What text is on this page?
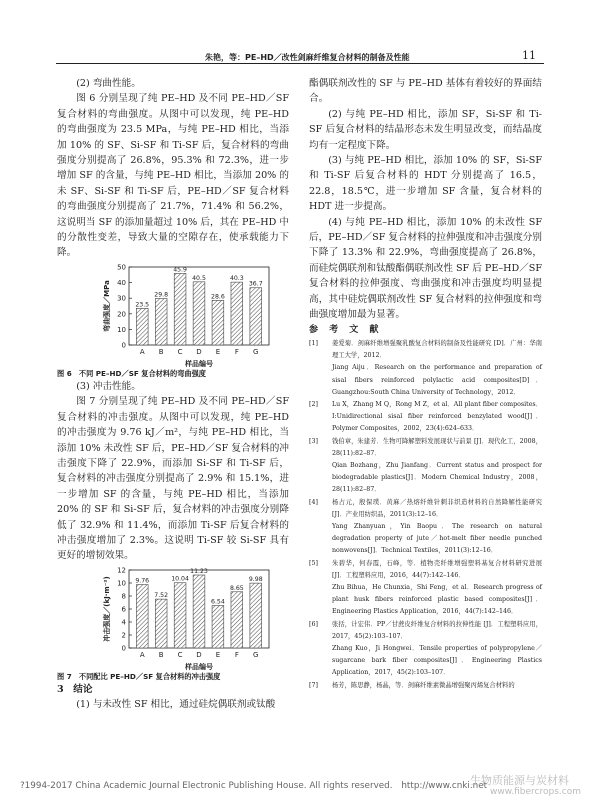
朱艳，等：PE–HD／改性剑麻纤维复合材料的制备及性能	11

(2) 弯曲性能。

图 6 分别呈现了纯 PE–HD 及不同 PE–HD／SF 复合材料的弯曲强度。从图中可以发现，纯 PE–HD 的弯曲强度为 23.5 MPa，与纯 PE–HD 相比，当添加 10% 的 SF、Si-SF 和 Ti-SF 后，复合材料的弯曲强度分别提高了 26.8%，95.3% 和 72.3%，进一步增加 SF 的含量，与纯 PE–HD 相比，当添加 20% 的未 SF、Si-SF 和 Ti-SF 后，PE–HD／SF 复合材料的弯曲强度分别提高了 21.7%，71.4% 和 56.2%，这说明当 SF 的添加量超过 10% 后，其在 PE–HD 中的分散性变差，导致大量的空隙存在，使承载能力下降。

0
10
20
30
40
50
弯曲强度／MPa	23.5
A
29.8
B
45.9
C
40.5
D
28.6
E
40.3
F
36.7
G
样品编号

图 6　不同 PE–HD／SF 复合材料的弯曲强度

(3) 冲击性能。

图 7 分别呈现了纯 PE–HD 及不同 PE–HD／SF 复合材料的冲击强度。从图中可以发现，纯 PE–HD 的冲击强度为 9.76 kJ／m²，与纯 PE–HD 相比，当添加 10% 未改性 SF 后，PE–HD／SF 复合材料的冲击强度下降了 22.9%，而添加 Si-SF 和 Ti-SF 后，复合材料的冲击强度分别提高了 2.9% 和 15.1%，进一步增加 SF 的含量，与纯 PE–HD 相比，当添加 20% 的 SF 和 Si-SF 后，复合材料的冲击强度分别降低了 32.9% 和 11.4%，而添加 Ti-SF 后复合材料的冲击强度增加了 2.3%。这说明 Ti-SF 较 Si-SF 具有更好的增韧效果。

0
2
4
6
8
10
12
冲击强度／(kJ·m⁻²)	9.76
A
7.52
B
10.04
C
11.23
D
6.54
E
8.65
F
9.98
G
样品编号

图 7　不同配比 PE–HD／SF 复合材料的冲击强度

3　结论

(1) 与未改性 SF 相比，通过硅烷偶联剂或钛酸

酯偶联剂改性的 SF 与 PE–HD 基体有着较好的界面结合。

(2) 与纯 PE–HD 相比，添加 SF，Si-SF 和 Ti-SF 后复合材料的结晶形态未发生明显改变，而结晶度均有一定程度下降。

(3) 与纯 PE–HD 相比，添加 10% 的 SF，Si-SF 和 Ti-SF 后复合材料的 HDT 分别提高了 16.5，22.8，18.5℃，进一步增加 SF 含量，复合材料的 HDT 进一步提高。

(4) 与纯 PE–HD 相比，添加 10% 的未改性 SF 后，PE–HD／SF 复合材料的拉伸强度和冲击强度分别下降了 13.3% 和 22.9%，弯曲强度提高了 26.8%，而硅烷偶联剂和钛酸酯偶联剂改性 SF 后 PE–HD／SF 复合材料的拉伸强度、弯曲强度和冲击强度均明显提高，其中硅烷偶联剂改性 SF 复合材料的拉伸强度和弯曲强度增加最为显著。

参 考 文 献

[1] 姜爱菊．剑麻纤维增强聚乳酸复合材料的制备及性能研究 [D]．广州：华南理工大学，2012．
Jiang Aiju．Research on the performance and preparation of sisal fibers reinforced polylactic acid composites[D]．Guangzhou:South China University of Technology，2012．

[2] Lu X，Zhang M Q，Rong M Z，et al．All plant fiber composites．I:Unidirectional sisal fiber reinforced benzylated wood[J]．Polymer Composites，2002，23(4):624–633．

[3] 钱伯章，朱建芳．生物可降解塑料发展现状与前景 [J]．现代化工，2008，28(11):82–87．
Qian Bozhang，Zhu Jianfang．Current status and prospect for biodegradable plastics[J]．Modern Chemical Industry，2008，28(11):82–87．

[4] 杨占元，殷保璞．黄麻／热熔纤维针刺非织造材料的自然降解性能研究 [J]．产业用纺织品，2011(3):12–16．
Yang Zhanyuan，Yin Baopu．The research on natural degradation property of jute／hot-melt fiber needle punched nonwovens[J]．Technical Textiles，2011(3):12–16．

[5] 朱碧华，何春霞，石峰，等．植物壳纤维增强塑料基复合材料研究进展 [J]．工程塑料应用，2016，44(7):142–146．
Zhu Bihua，He Chunxia，Shi Feng，et al．Research progress of plant husk fibers reinforced plastic based composites[J]．Engineering Plastics Application，2016，44(7):142–146．

[6] 张括，计宏伟．PP／甘蔗皮纤维复合材料的拉伸性能 [J]．工程塑料应用，2017，45(2):103–107．
Zhang Kuo，Ji Hongwei．Tensile properties of polypropylene／sugarcane bark fiber composites[J]．Engineering Plastics Application，2017，45(2):103–107．

[7] 杨芳，陈思静，杨晶，等．剑麻纤维素微晶增强聚丙烯复合材料的

?1994-2017 China Academic Journal Electronic Publishing House. All rights reserved.　http://www.cnki.net
生物质能源与炭材料
www.fibercrops.com
